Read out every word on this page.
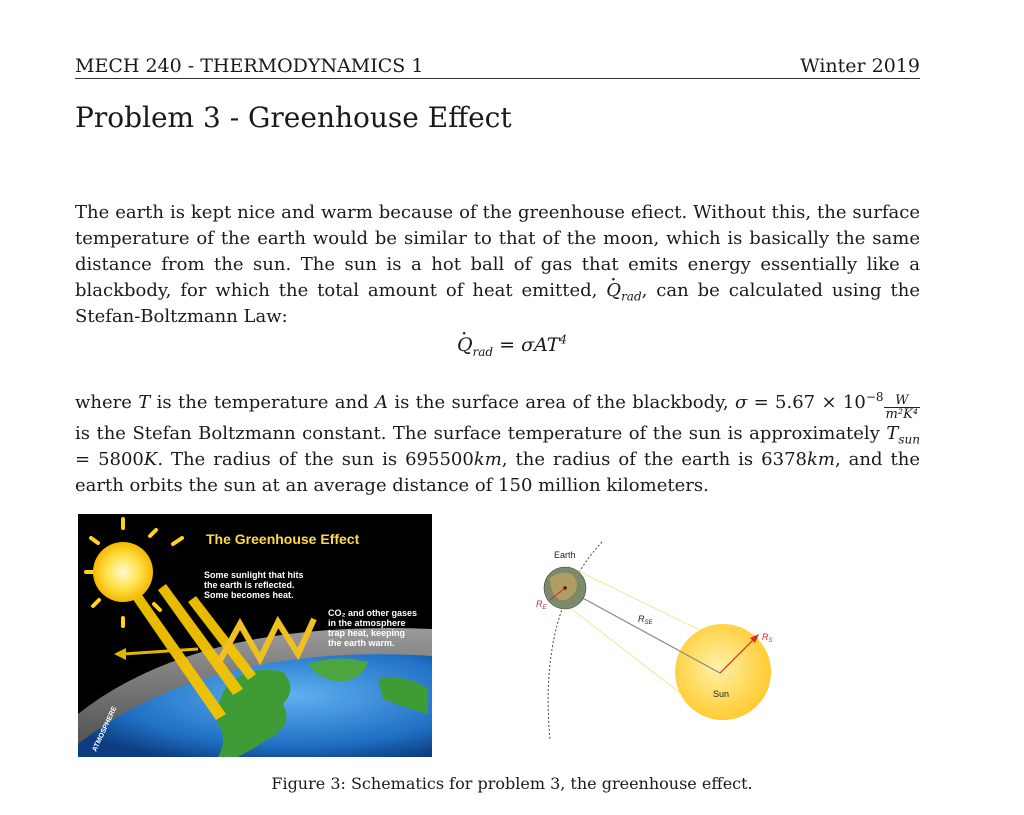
MECH 240 - THERMODYNAMICS 1	Winter 2019
Problem 3 - Greenhouse Effect

The earth is kept nice and warm because of the greenhouse efiect. Without this, the surface temperature of the earth would be similar to that of the moon, which is basically the same distance from the sun. The sun is a hot ball of gas that emits energy essentially like a blackbody, for which the total amount of heat emitted, · $Q_{rad}$, can be calculated using the Stefan-Boltzmann Law:

· $Q_{rad} = \sigma AT^4$

where T is the temperature and A is the surface area of the blackbody, $\sigma = 5.67 \times 10^{-8} \frac{W}{\text{m²K⁴}}$
is the Stefan Boltzmann constant. The surface temperature of the sun is approximately $T_{sun} = 5800K$. The radius of the sun is 695500km, the radius of the earth is 6378km, and the earth orbits the sun at an average distance of 150 million kilometers.

The Greenhouse Effect
Some sunlight that hits the earth is reflected. Some becomes heat.
CO₂ and other gases in the atmosphere trap heat, keeping the earth warm.
ATMOSPHERE
Earth
$R_E$
$R_{SE}$
$R_S$
Sun
Figure 3: Schematics for problem 3, the greenhouse effect.
